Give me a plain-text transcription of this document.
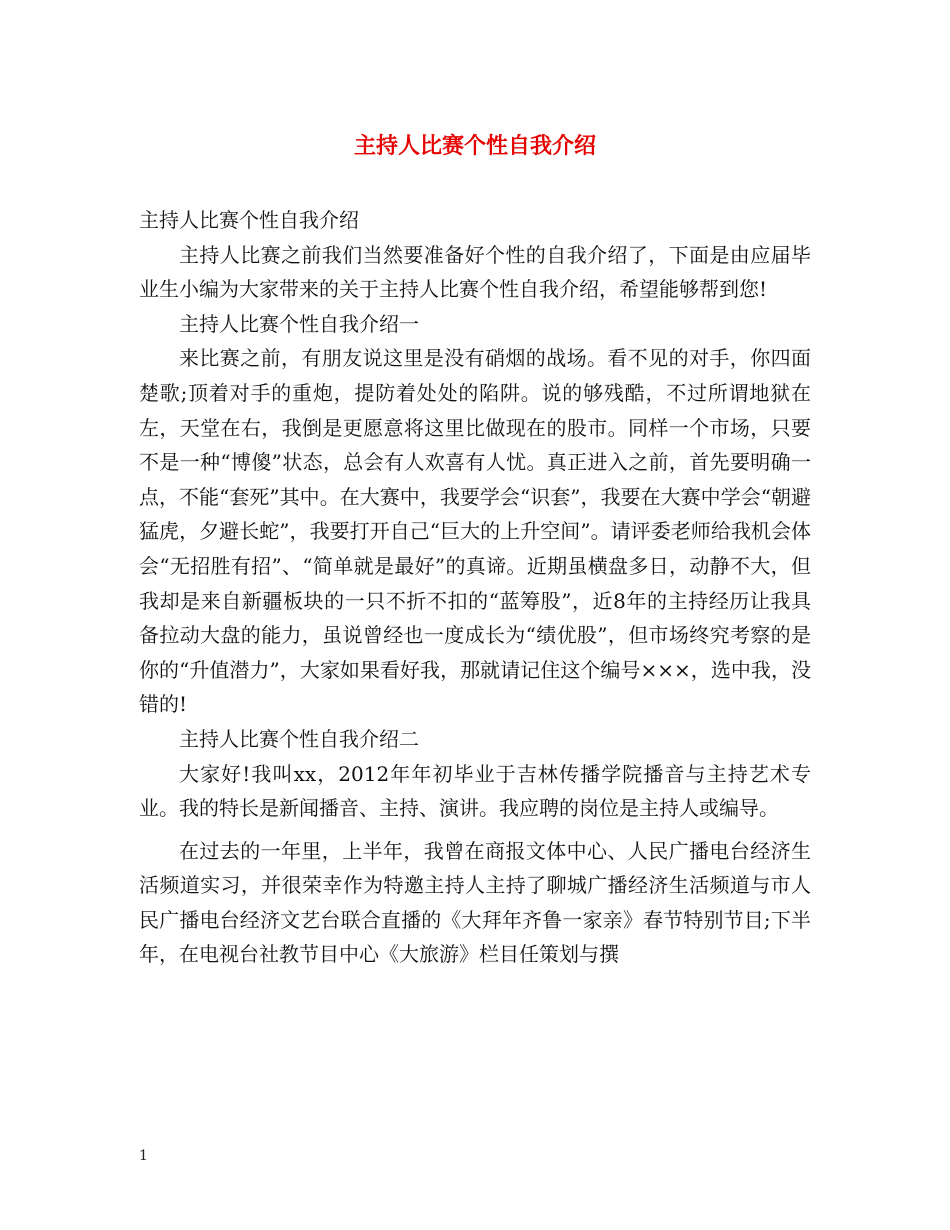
主持人比赛个性自我介绍

主持人比赛个性自我介绍

主持人比赛之前我们当然要准备好个性的自我介绍了，下面是由应届毕业生小编为大家带来的关于主持人比赛个性自我介绍，希望能够帮到您!

主持人比赛个性自我介绍一

来比赛之前，有朋友说这里是没有硝烟的战场。看不见的对手，你四面楚歌;顶着对手的重炮，提防着处处的陷阱。说的够残酷，不过所谓地狱在左，天堂在右，我倒是更愿意将这里比做现在的股市。同样一个市场，只要不是一种“博傻”状态，总会有人欢喜有人忧。真正进入之前，首先要明确一点，不能“套死”其中。在大赛中，我要学会“识套”，我要在大赛中学会“朝避猛虎，夕避长蛇”，我要打开自己“巨大的上升空间”。请评委老师给我机会体会“无招胜有招”、“简单就是最好”的真谛。近期虽横盘多日，动静不大，但我却是来自新疆板块的一只不折不扣的“蓝筹股”，近8年的主持经历让我具备拉动大盘的能力，虽说曾经也一度成长为“绩优股”，但市场终究考察的是你的“升值潜力”，大家如果看好我，那就请记住这个编号×××，选中我，没错的!

主持人比赛个性自我介绍二

大家好!我叫xx，2012年年初毕业于吉林传播学院播音与主持艺术专业。我的特长是新闻播音、主持、演讲。我应聘的岗位是主持人或编导。

在过去的一年里，上半年，我曾在商报文体中心、人民广播电台经济生活频道实习，并很荣幸作为特邀主持人主持了聊城广播经济生活频道与市人民广播电台经济文艺台联合直播的《大拜年齐鲁一家亲》春节特别节目;下半年，在电视台社教节目中心《大旅游》栏目任策划与撰

1
